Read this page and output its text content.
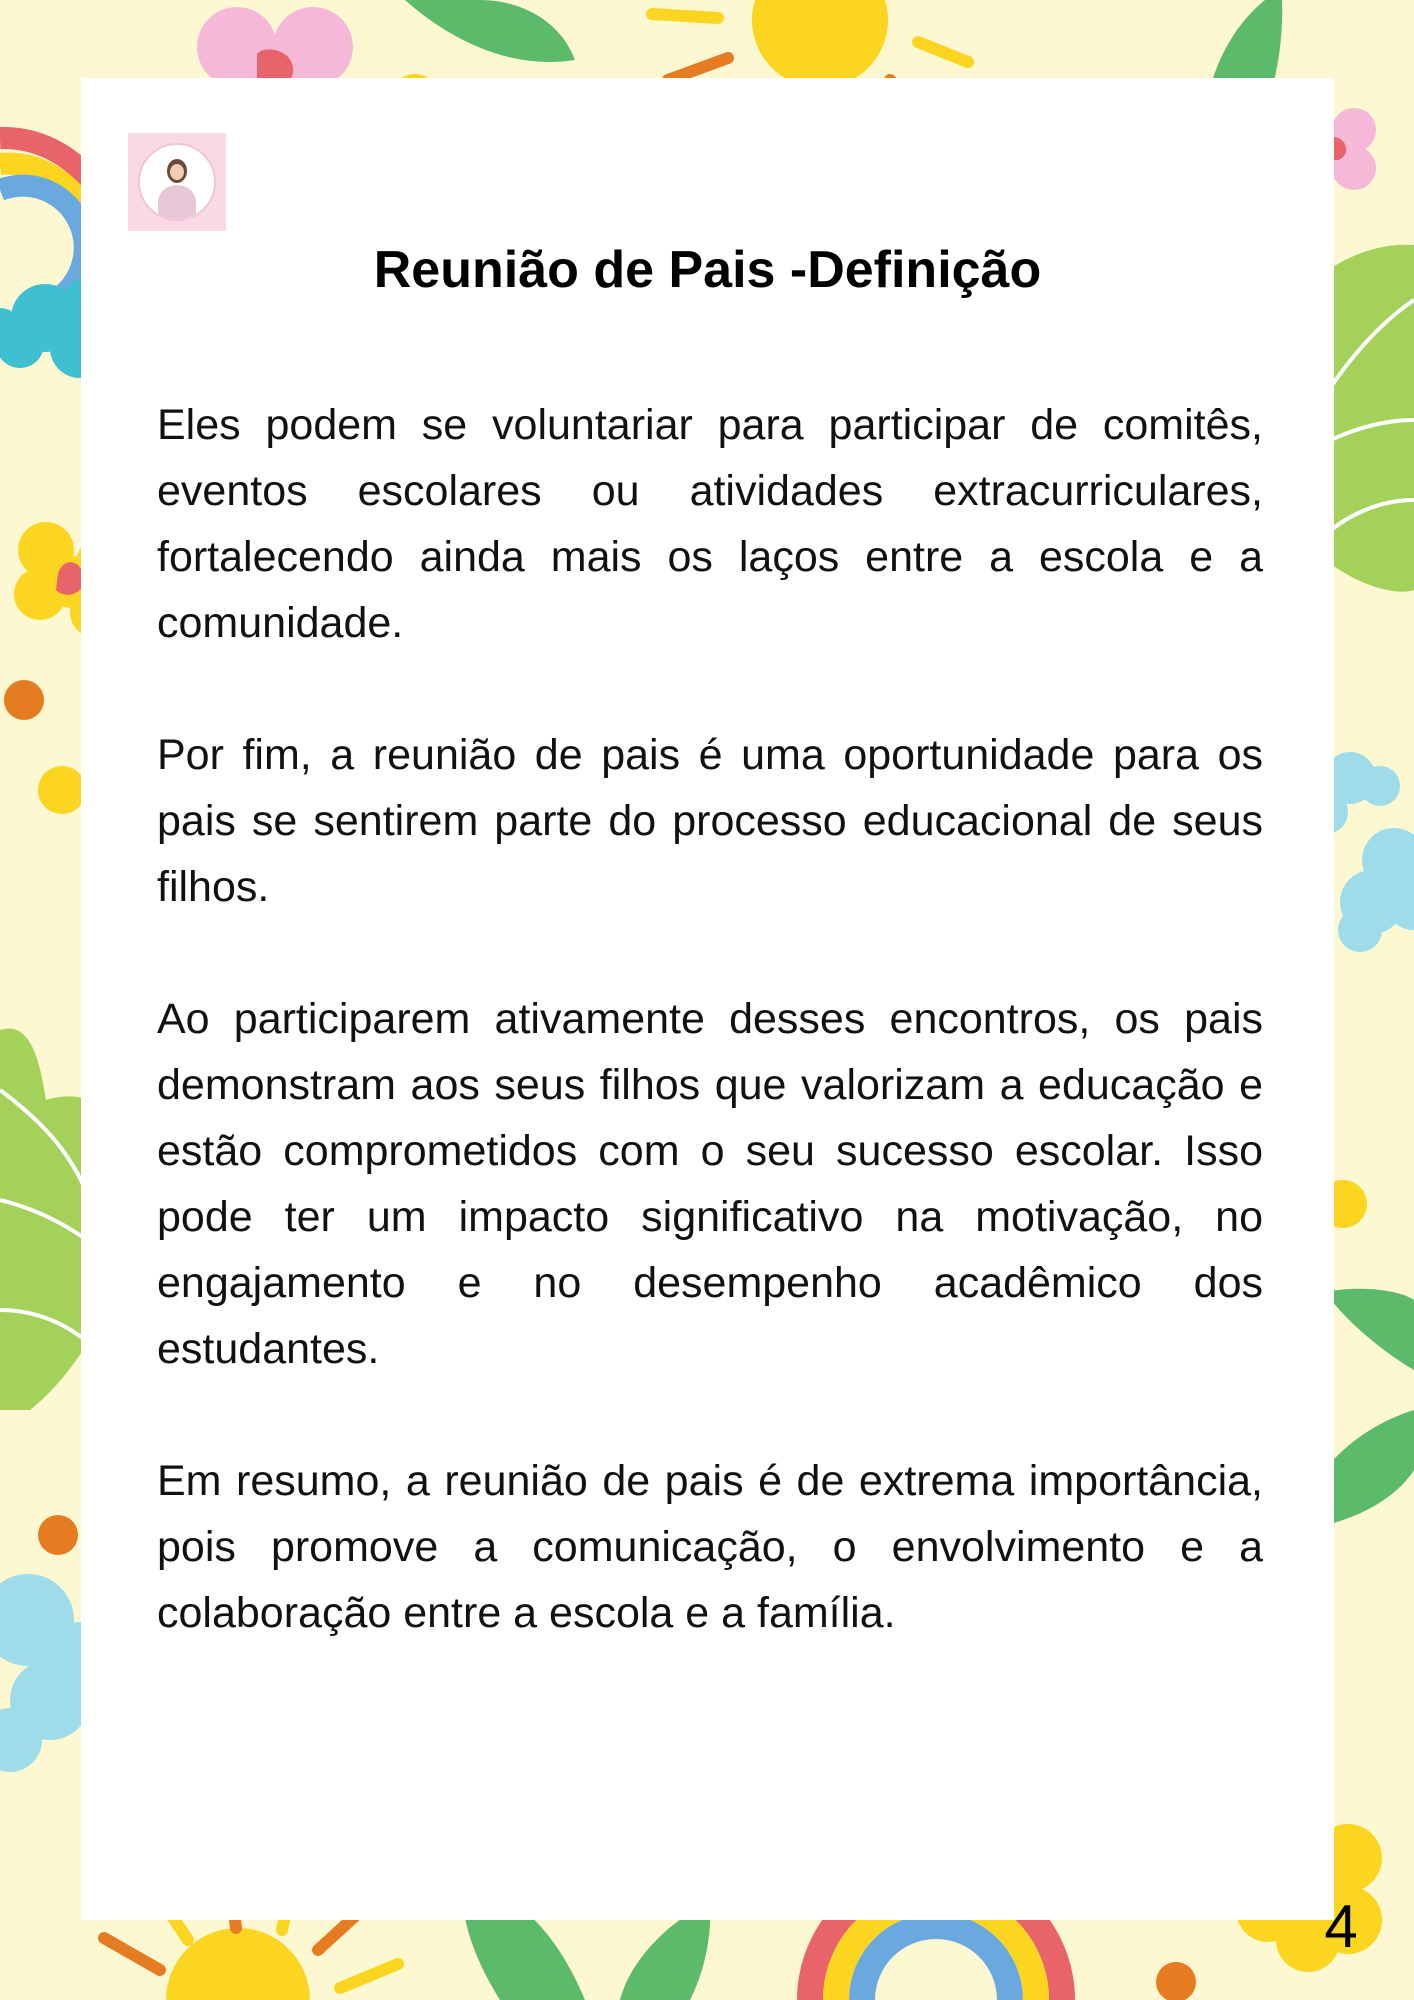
Reunião de Pais -Definição

Eles podem se voluntariar para participar de comitês, eventos escolares ou atividades extracurriculares, fortalecendo ainda mais os laços entre a escola e a comunidade.

Por fim, a reunião de pais é uma oportunidade para os pais se sentirem parte do processo educacional de seus filhos.

Ao participarem ativamente desses encontros, os pais demonstram aos seus filhos que valorizam a educação e estão comprometidos com o seu sucesso escolar. Isso pode ter um impacto significativo na motivação, no engajamento e no desempenho acadêmico dos estudantes.

Em resumo, a reunião de pais é de extrema importância, pois promove a comunicação, o envolvimento e a colaboração entre a escola e a família.

4
